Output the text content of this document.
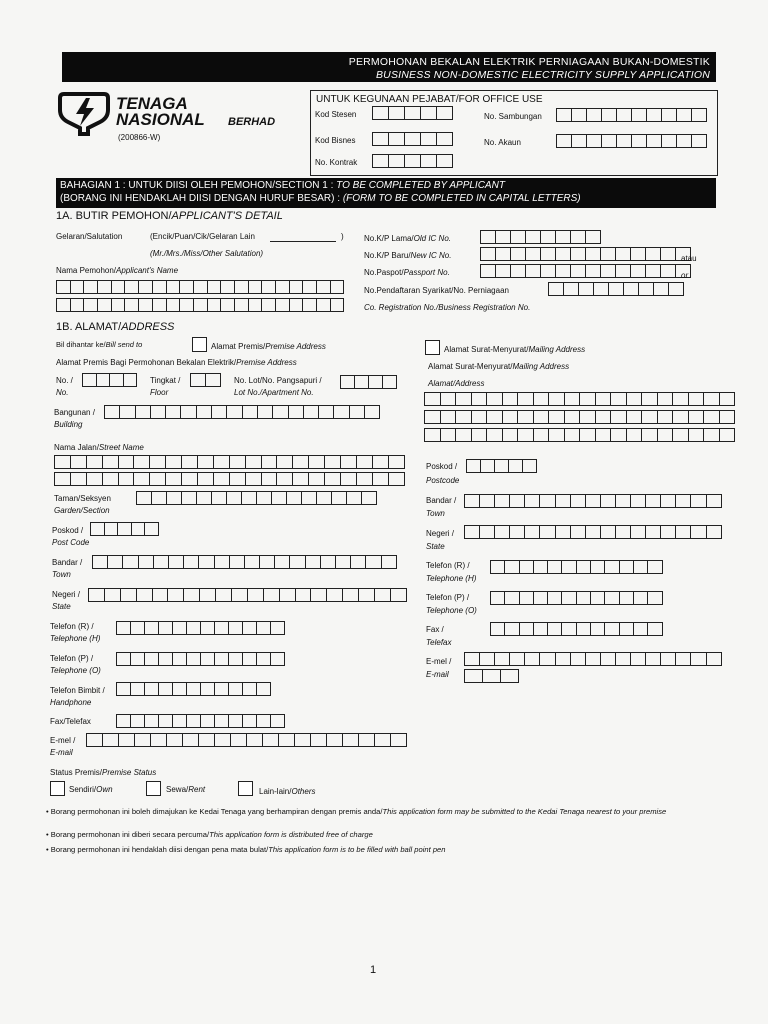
PERMOHONAN BEKALAN ELEKTRIK PERNIAGAAN BUKAN-DOMESTIK
BUSINESS NON-DOMESTIC ELECTRICITY SUPPLY APPLICATION
TENAGA
NASIONAL BERHAD
(200866-W)
UNTUK KEGUNAAN PEJABAT/FOR OFFICE USE
Kod Stesen	No. Sambungan
Kod Bisnes	No. Akaun
No. Kontrak
BAHAGIAN 1 : UNTUK DIISI OLEH PEMOHON/SECTION 1 : TO BE COMPLETED BY APPLICANT
(BORANG INI HENDAKLAH DIISI DENGAN HURUF BESAR) : (FORM TO BE COMPLETED IN CAPITAL LETTERS)
1A. BUTIR PEMOHON/APPLICANT'S DETAIL
Gelaran/Salutation	(Encik/Puan/Cik/Gelaran Lain	)
(Mr./Mrs./Miss/Other Salutation)
Nama Pemohon/Applicant's Name
No.K/P Lama/Old IC No.
No.K/P Baru/New IC No.	atau
No.Paspot/Passport No.	or
No.Pendaftaran Syarikat/No. Perniagaan
Co. Registration No./Business Registration No.
1B. ALAMAT/ADDRESS
Bil dihantar ke/Bill send to	Alamat Premis/Premise Address	Alamat Surat-Menyurat/Mailing Address
Alamat Premis Bagi Permohonan Bekalan Elektrik/Premise Address	Alamat Surat-Menyurat/Mailing Address
No. /
No.
Tingkat /
Floor
No. Lot/No. Pangsapuri /
Lot No./Apartment No.
Bangunan /
Building
Nama Jalan/Street Name
Taman/Seksyen
Garden/Section
Poskod /
Post Code
Bandar /
Town
Negeri /
State
Telefon (R) /
Telephone (H)
Telefon (P) /
Telephone (O)
Telefon Bimbit /
Handphone
Fax/Telefax
E-mel /
E-mail
Alamat/Address
Poskod /
Postcode
Bandar /
Town
Negeri /
State
Telefon (R) /
Telephone (H)
Telefon (P) /
Telephone (O)
Fax /
Telefax
E-mel /
E-mail
Status Premis/Premise Status
Sendiri/Own	Sewa/Rent	Lain-lain/Others
• Borang permohonan ini boleh dimajukan ke Kedai Tenaga yang berhampiran dengan premis anda/This application form may be submitted to the Kedai Tenaga nearest to your premise
• Borang permohonan ini diberi secara percuma/This application form is distributed free of charge
• Borang permohonan ini hendaklah diisi dengan pena mata bulat/This application form is to be filled with ball point pen
1
